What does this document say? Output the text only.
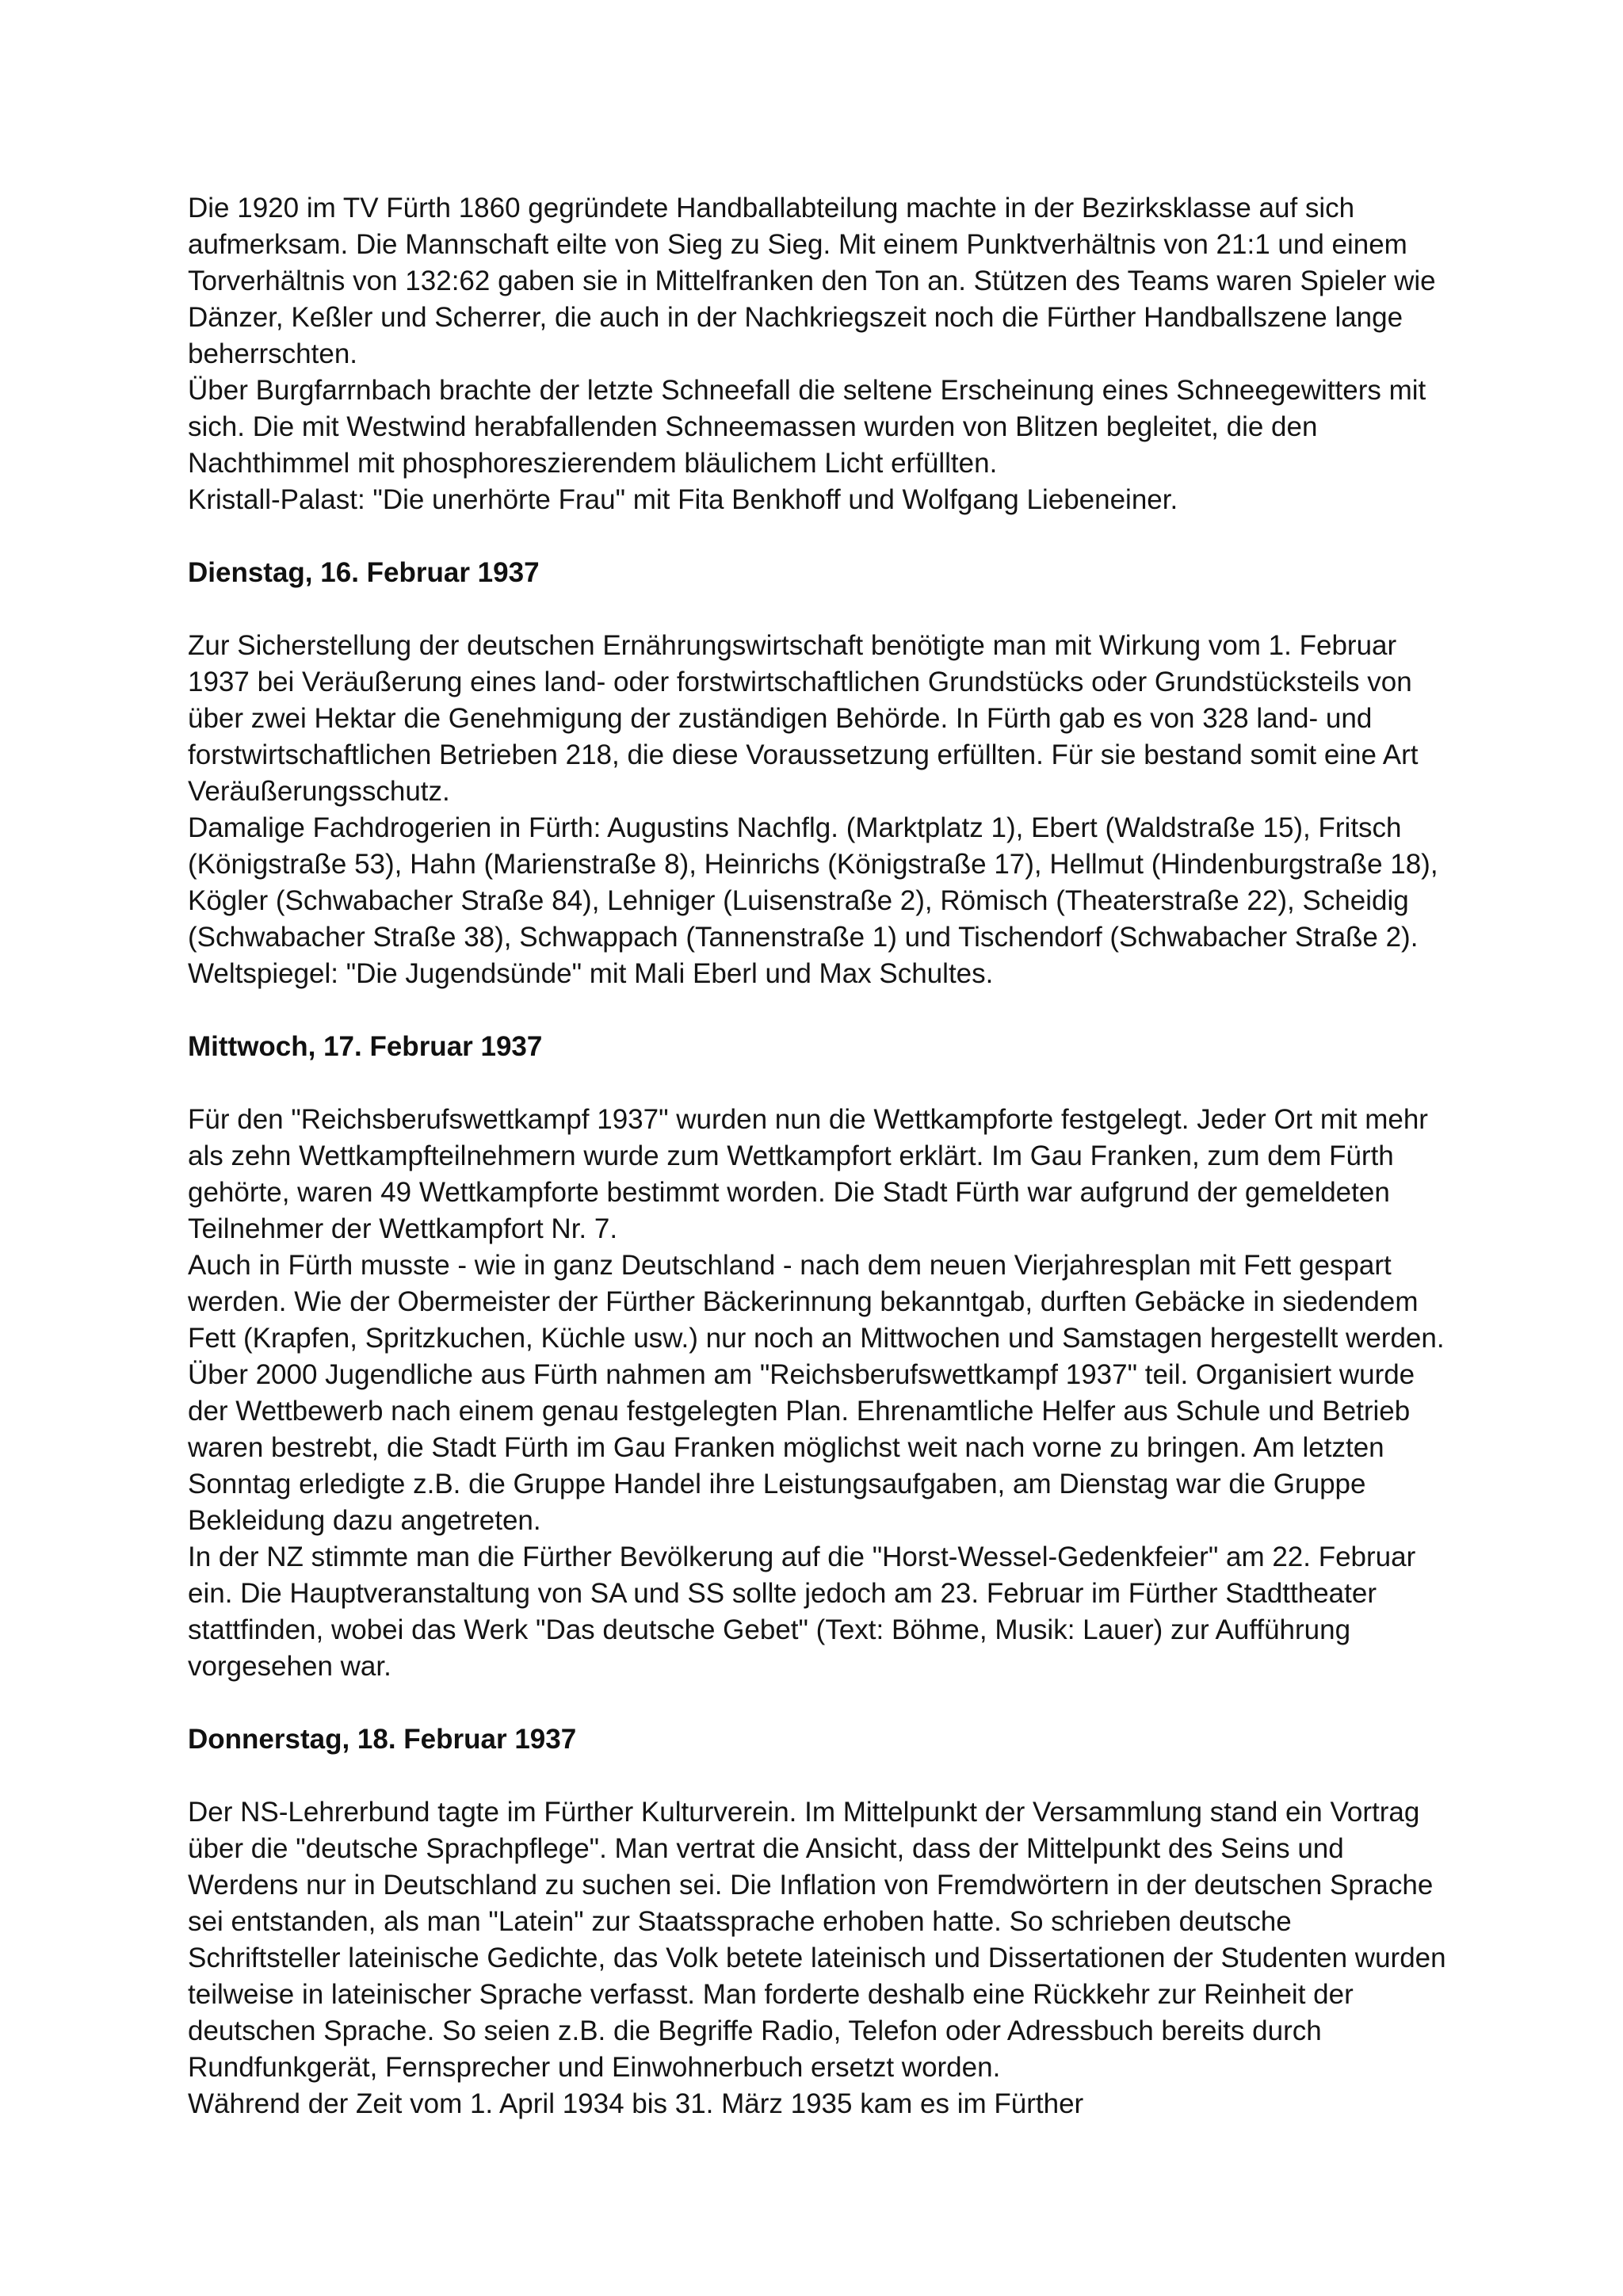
Die 1920 im TV Fürth 1860 gegründete Handballabteilung machte in der Bezirksklasse auf sich aufmerksam. Die Mannschaft eilte von Sieg zu Sieg. Mit einem Punktverhältnis von 21:1 und einem Torverhältnis von 132:62 gaben sie in Mittelfranken den Ton an. Stützen des Teams waren Spieler wie Dänzer, Keßler und Scherrer, die auch in der Nachkriegszeit noch die Fürther Handballszene lange beherrschten.

Über Burgfarrnbach brachte der letzte Schneefall die seltene Erscheinung eines Schneegewitters mit sich. Die mit Westwind herabfallenden Schneemassen wurden von Blitzen begleitet, die den Nachthimmel mit phosphoreszierendem bläulichem Licht erfüllten.

Kristall-Palast: "Die unerhörte Frau" mit Fita Benkhoff und Wolfgang Liebeneiner.

Dienstag, 16. Februar 1937

Zur Sicherstellung der deutschen Ernährungswirtschaft benötigte man mit Wirkung vom 1. Februar 1937 bei Veräußerung eines land- oder forstwirtschaftlichen Grundstücks oder Grundstücksteils von über zwei Hektar die Genehmigung der zuständigen Behörde. In Fürth gab es von 328 land- und forstwirtschaftlichen Betrieben 218, die diese Voraussetzung erfüllten. Für sie bestand somit eine Art Veräußerungsschutz.

Damalige Fachdrogerien in Fürth: Augustins Nachflg. (Marktplatz 1), Ebert (Waldstraße 15), Fritsch (Königstraße 53), Hahn (Marienstraße 8), Heinrichs (Königstraße 17), Hellmut (Hindenburgstraße 18), Kögler (Schwabacher Straße 84), Lehniger (Luisenstraße 2), Römisch (Theaterstraße 22), Scheidig (Schwabacher Straße 38), Schwappach (Tannenstraße 1) und Tischendorf (Schwabacher Straße 2).

Weltspiegel: "Die Jugendsünde" mit Mali Eberl und Max Schultes.

Mittwoch, 17. Februar 1937

Für den "Reichsberufswettkampf 1937" wurden nun die Wettkampforte festgelegt. Jeder Ort mit mehr als zehn Wettkampfteilnehmern wurde zum Wettkampfort erklärt. Im Gau Franken, zum dem Fürth gehörte, waren 49 Wettkampforte bestimmt worden. Die Stadt Fürth war aufgrund der gemeldeten Teilnehmer der Wettkampfort Nr. 7.

Auch in Fürth musste - wie in ganz Deutschland - nach dem neuen Vierjahresplan mit Fett gespart werden. Wie der Obermeister der Fürther Bäckerinnung bekanntgab, durften Gebäcke in siedendem Fett (Krapfen, Spritzkuchen, Küchle usw.) nur noch an Mittwochen und Samstagen hergestellt werden.

Über 2000 Jugendliche aus Fürth nahmen am "Reichsberufswettkampf 1937" teil. Organisiert wurde der Wettbewerb nach einem genau festgelegten Plan. Ehrenamtliche Helfer aus Schule und Betrieb waren bestrebt, die Stadt Fürth im Gau Franken möglichst weit nach vorne zu bringen. Am letzten Sonntag erledigte z.B. die Gruppe Handel ihre Leistungsaufgaben, am Dienstag war die Gruppe Bekleidung dazu angetreten.

In der NZ stimmte man die Fürther Bevölkerung auf die "Horst-Wessel-Gedenkfeier" am 22. Februar ein. Die Hauptveranstaltung von SA und SS sollte jedoch am 23. Februar im Fürther Stadttheater stattfinden, wobei das Werk "Das deutsche Gebet" (Text: Böhme, Musik: Lauer) zur Aufführung vorgesehen war.

Donnerstag, 18. Februar 1937

Der NS-Lehrerbund tagte im Fürther Kulturverein. Im Mittelpunkt der Versammlung stand ein Vortrag über die "deutsche Sprachpflege". Man vertrat die Ansicht, dass der Mittelpunkt des Seins und Werdens nur in Deutschland zu suchen sei. Die Inflation von Fremdwörtern in der deutschen Sprache sei entstanden, als man "Latein" zur Staatssprache erhoben hatte. So schrieben deutsche Schriftsteller lateinische Gedichte, das Volk betete lateinisch und Dissertationen der Studenten wurden teilweise in lateinischer Sprache verfasst. Man forderte deshalb eine Rückkehr zur Reinheit der deutschen Sprache. So seien z.B. die Begriffe Radio, Telefon oder Adressbuch bereits durch Rundfunkgerät, Fernsprecher und Einwohnerbuch ersetzt worden.

Während der Zeit vom 1. April 1934 bis 31. März 1935 kam es im Fürther
